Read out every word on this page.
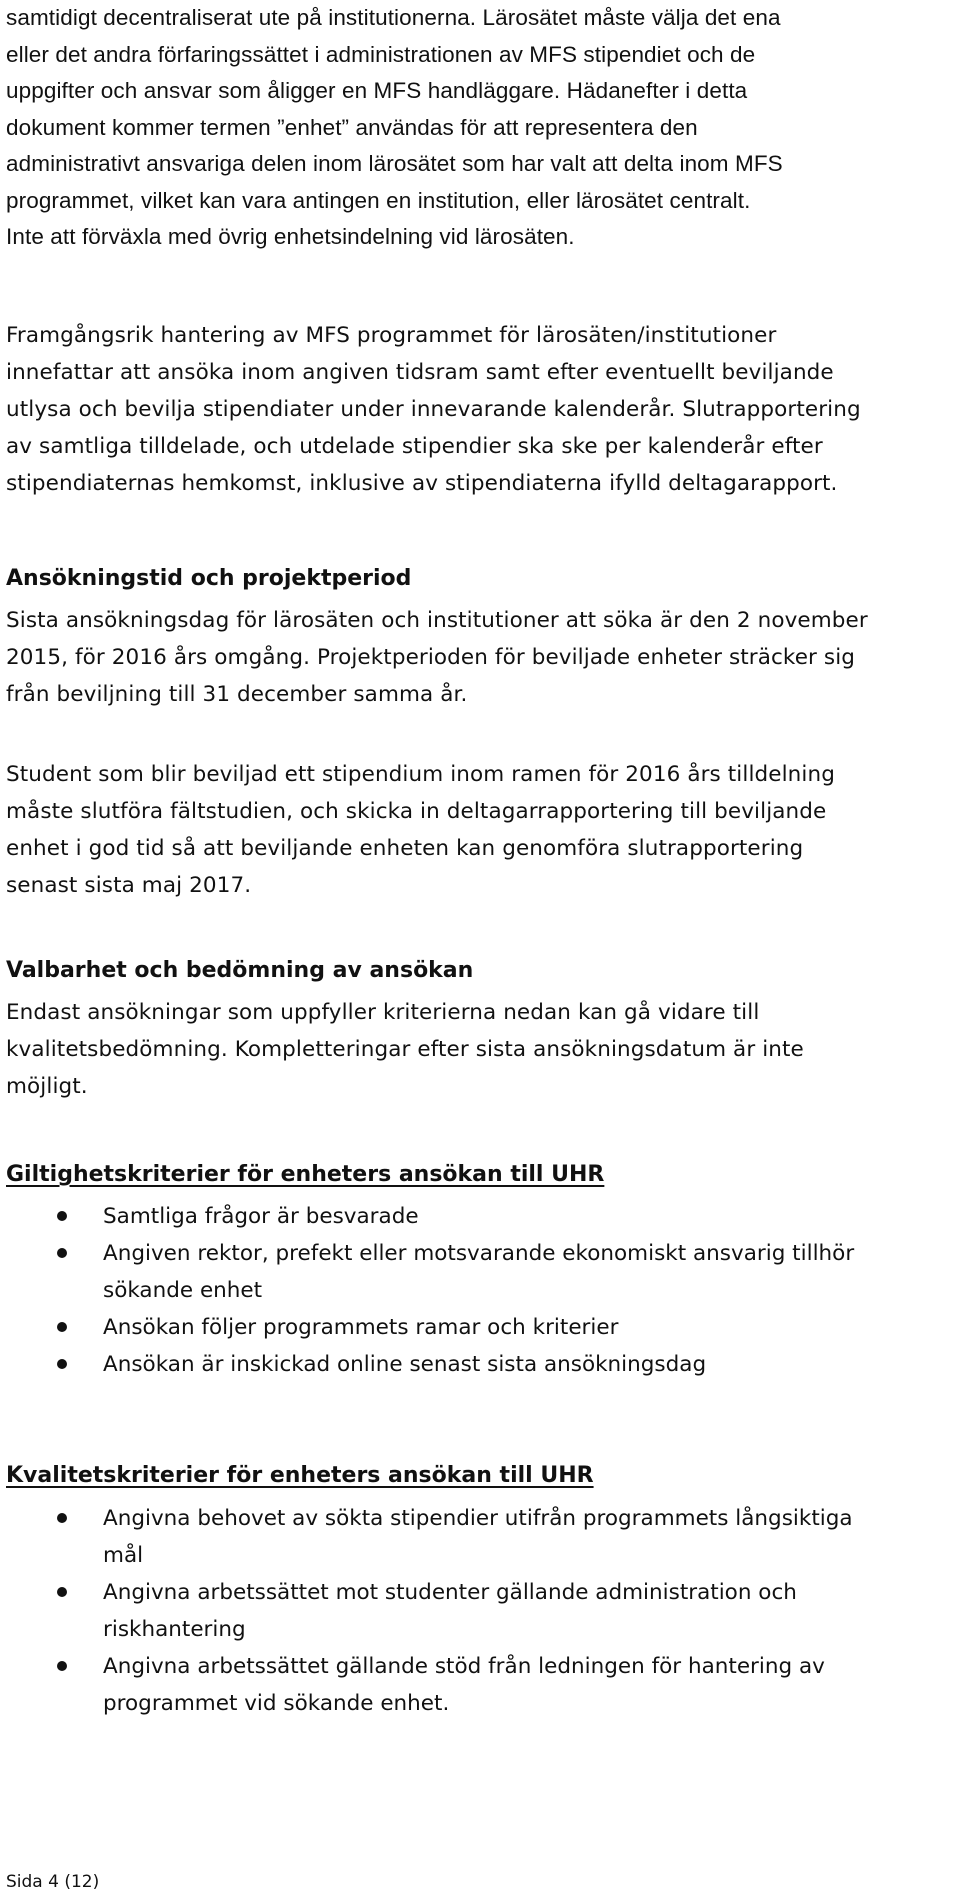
samtidigt decentraliserat ute på institutionerna. Lärosätet måste välja det ena
eller det andra förfaringssättet i administrationen av MFS stipendiet och de
uppgifter och ansvar som åligger en MFS handläggare. Hädanefter i detta
dokument kommer termen ”enhet” användas för att representera den
administrativt ansvariga delen inom lärosätet som har valt att delta inom MFS
programmet, vilket kan vara antingen en institution, eller lärosätet centralt.
Inte att förväxla med övrig enhetsindelning vid lärosäten.

Framgångsrik hantering av MFS programmet för lärosäten/institutioner
innefattar att ansöka inom angiven tidsram samt efter eventuellt beviljande
utlysa och bevilja stipendiater under innevarande kalenderår. Slutrapportering
av samtliga tilldelade, och utdelade stipendier ska ske per kalenderår efter
stipendiaternas hemkomst, inklusive av stipendiaterna ifylld deltagarapport.

Ansökningstid och projektperiod

Sista ansökningsdag för lärosäten och institutioner att söka är den 2 november
2015, för 2016 års omgång. Projektperioden för beviljade enheter sträcker sig
från beviljning till 31 december samma år.

Student som blir beviljad ett stipendium inom ramen för 2016 års tilldelning
måste slutföra fältstudien, och skicka in deltagarrapportering till beviljande
enhet i god tid så att beviljande enheten kan genomföra slutrapportering
senast sista maj 2017.

Valbarhet och bedömning av ansökan

Endast ansökningar som uppfyller kriterierna nedan kan gå vidare till
kvalitetsbedömning. Kompletteringar efter sista ansökningsdatum är inte
möjligt.

Giltighetskriterier för enheters ansökan till UHR
Samtliga frågor är besvarade
Angiven rektor, prefekt eller motsvarande ekonomiskt ansvarig tillhör
sökande enhet
Ansökan följer programmets ramar och kriterier
Ansökan är inskickad online senast sista ansökningsdag
Kvalitetskriterier för enheters ansökan till UHR
Angivna behovet av sökta stipendier utifrån programmets långsiktiga
mål
Angivna arbetssättet mot studenter gällande administration och
riskhantering
Angivna arbetssättet gällande stöd från ledningen för hantering av
programmet vid sökande enhet.
Sida 4 (12)
